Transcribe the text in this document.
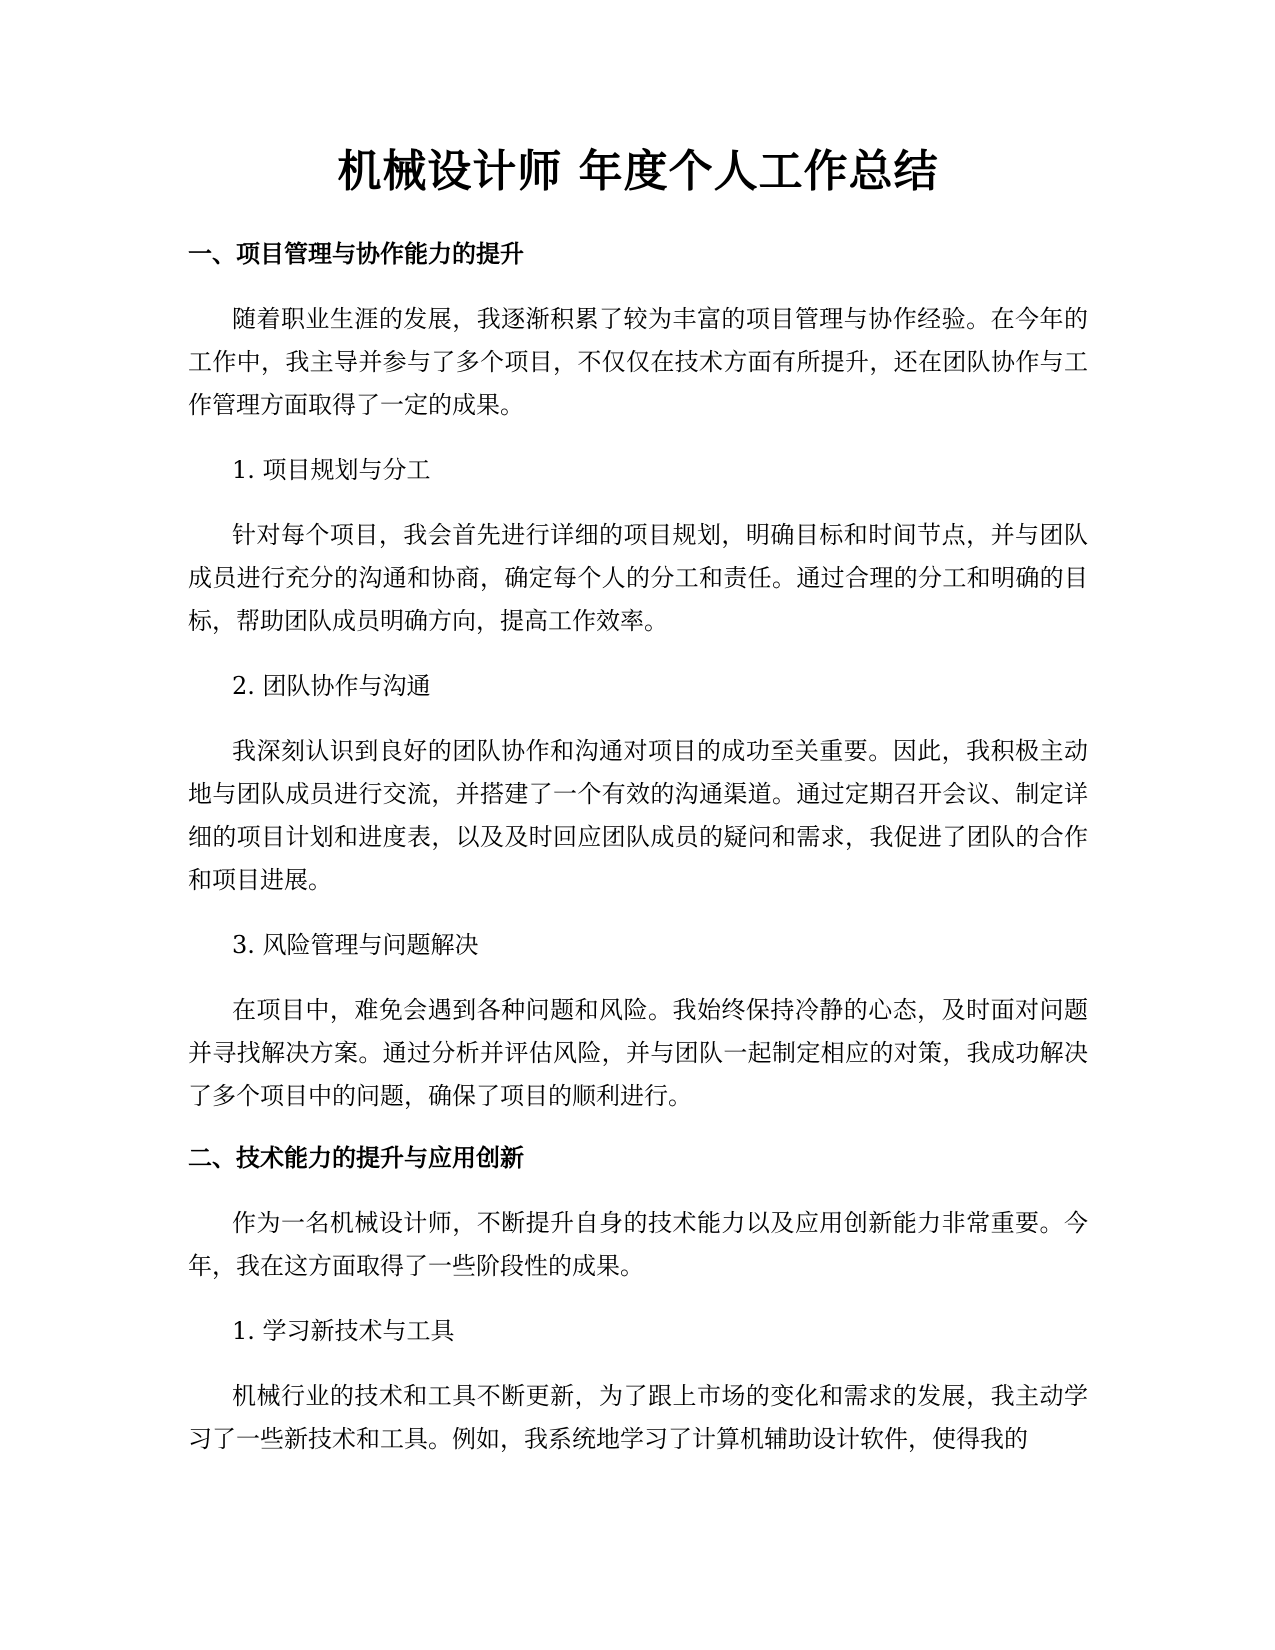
机械设计师 年度个人工作总结
一、项目管理与协作能力的提升

随着职业生涯的发展，我逐渐积累了较为丰富的项目管理与协作经验。在今年的工作中，我主导并参与了多个项目，不仅仅在技术方面有所提升，还在团队协作与工作管理方面取得了一定的成果。

1. 项目规划与分工

针对每个项目，我会首先进行详细的项目规划，明确目标和时间节点，并与团队成员进行充分的沟通和协商，确定每个人的分工和责任。通过合理的分工和明确的目标，帮助团队成员明确方向，提高工作效率。

2. 团队协作与沟通

我深刻认识到良好的团队协作和沟通对项目的成功至关重要。因此，我积极主动地与团队成员进行交流，并搭建了一个有效的沟通渠道。通过定期召开会议、制定详细的项目计划和进度表，以及及时回应团队成员的疑问和需求，我促进了团队的合作和项目进展。

3. 风险管理与问题解决

在项目中，难免会遇到各种问题和风险。我始终保持冷静的心态，及时面对问题并寻找解决方案。通过分析并评估风险，并与团队一起制定相应的对策，我成功解决了多个项目中的问题，确保了项目的顺利进行。

二、技术能力的提升与应用创新

作为一名机械设计师，不断提升自身的技术能力以及应用创新能力非常重要。今年，我在这方面取得了一些阶段性的成果。

1. 学习新技术与工具

机械行业的技术和工具不断更新，为了跟上市场的变化和需求的发展，我主动学习了一些新技术和工具。例如，我系统地学习了计算机辅助设计软件，使得我的
